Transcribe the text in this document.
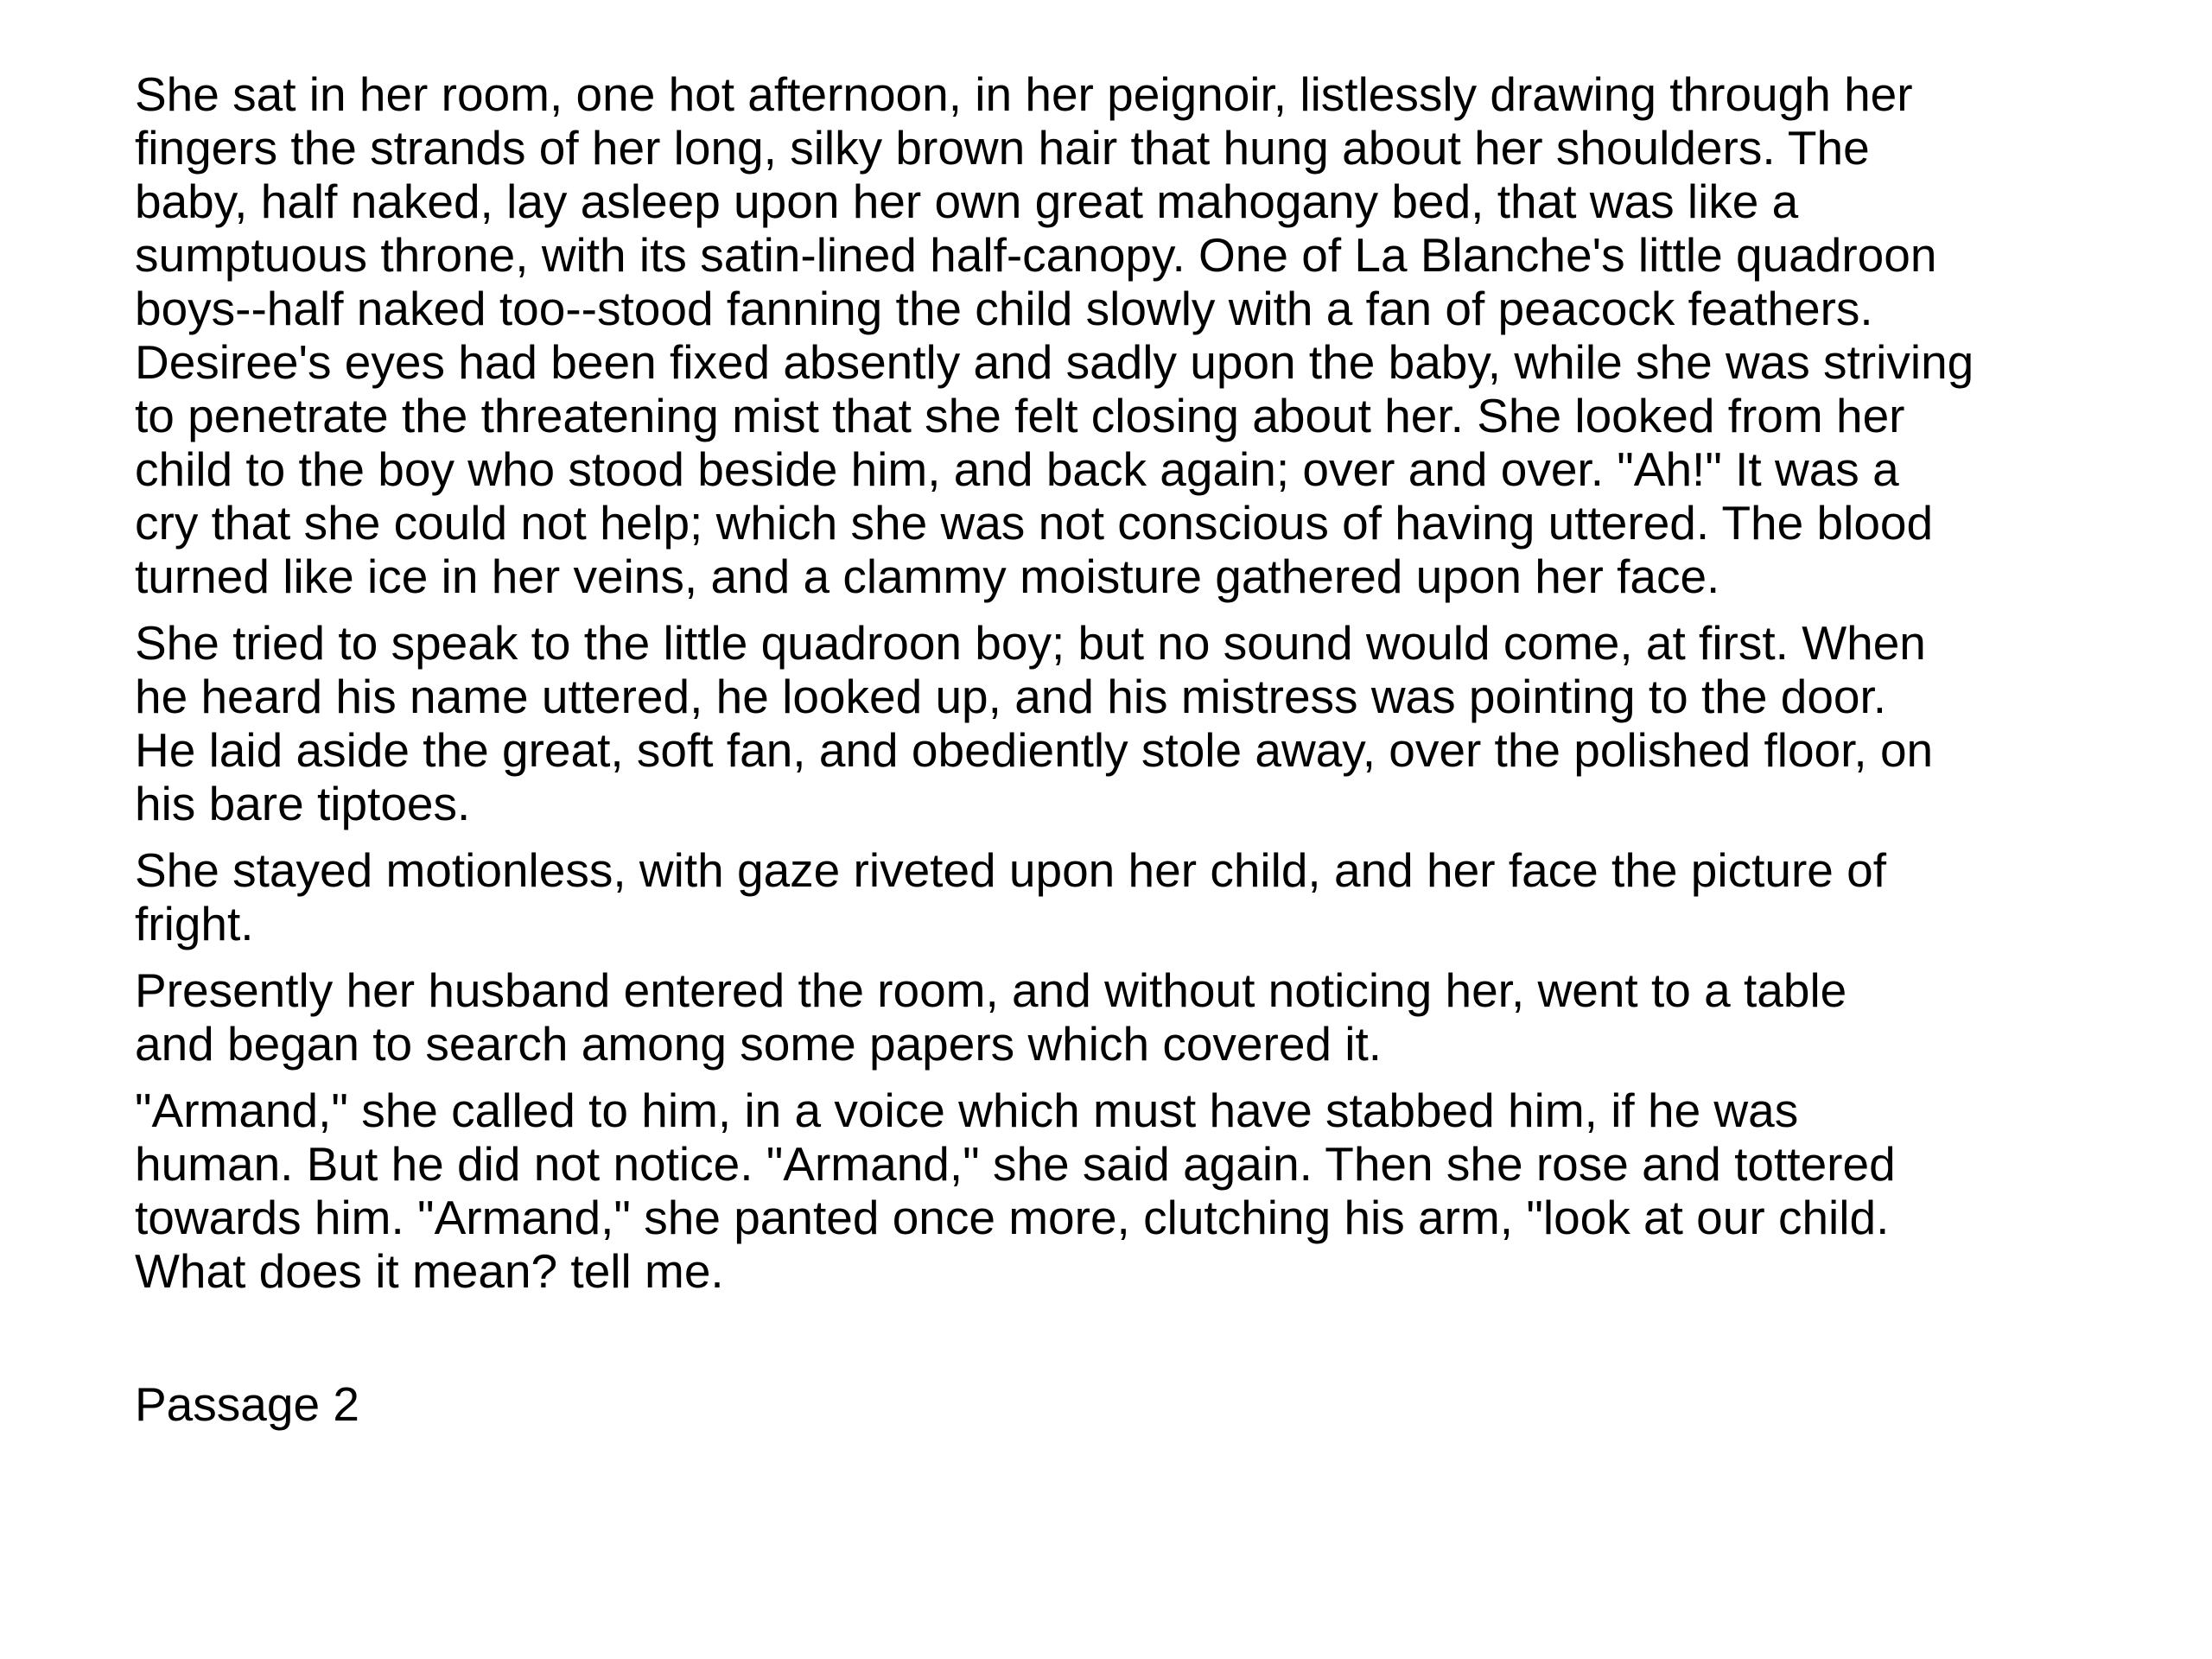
She sat in her room, one hot afternoon, in her peignoir, listlessly drawing through her
fingers the strands of her long, silky brown hair that hung about her shoulders. The
baby, half naked, lay asleep upon her own great mahogany bed, that was like a
sumptuous throne, with its satin-lined half-canopy. One of La Blanche's little quadroon
boys--half naked too--stood fanning the child slowly with a fan of peacock feathers.
Desiree's eyes had been fixed absently and sadly upon the baby, while she was striving
to penetrate the threatening mist that she felt closing about her. She looked from her
child to the boy who stood beside him, and back again; over and over. "Ah!" It was a
cry that she could not help; which she was not conscious of having uttered. The blood
turned like ice in her veins, and a clammy moisture gathered upon her face.

She tried to speak to the little quadroon boy; but no sound would come, at first. When
he heard his name uttered, he looked up, and his mistress was pointing to the door.
He laid aside the great, soft fan, and obediently stole away, over the polished floor, on
his bare tiptoes.

She stayed motionless, with gaze riveted upon her child, and her face the picture of
fright.

Presently her husband entered the room, and without noticing her, went to a table
and began to search among some papers which covered it.

"Armand," she called to him, in a voice which must have stabbed him, if he was
human. But he did not notice. "Armand," she said again. Then she rose and tottered
towards him. "Armand," she panted once more, clutching his arm, "look at our child.
What does it mean? tell me.

Passage 2
